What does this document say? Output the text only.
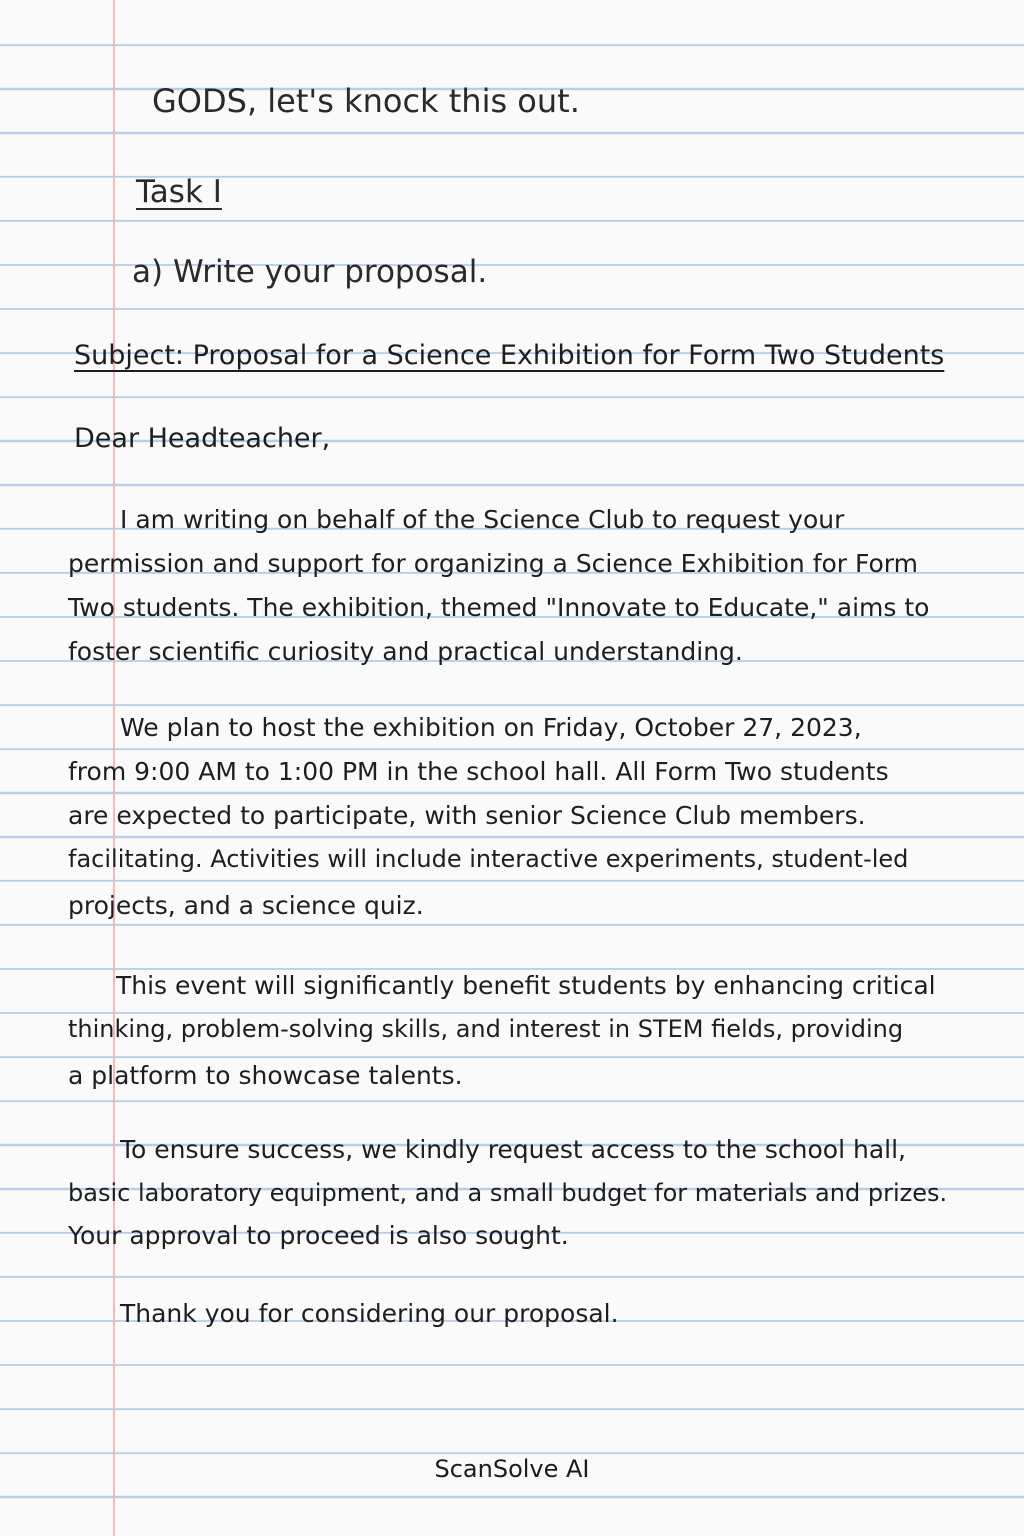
GODS, let's knock this out.
Task I
a) Write your proposal.
Subject: Proposal for a Science Exhibition for Form Two Students
Dear Headteacher,
I am writing on behalf of the Science Club to request your
permission and support for organizing a Science Exhibition for Form
Two students. The exhibition, themed "Innovate to Educate," aims to
foster scientific curiosity and practical understanding.
We plan to host the exhibition on Friday, October 27, 2023,
from 9:00 AM to 1:00 PM in the school hall. All Form Two students
are expected to participate, with senior Science Club members.
facilitating. Activities will include interactive experiments, student-led
projects, and a science quiz.
This event will significantly benefit students by enhancing critical
thinking, problem-solving skills, and interest in STEM fields, providing
a platform to showcase talents.
To ensure success, we kindly request access to the school hall,
basic laboratory equipment, and a small budget for materials and prizes.
Your approval to proceed is also sought.
Thank you for considering our proposal.
ScanSolve AI
